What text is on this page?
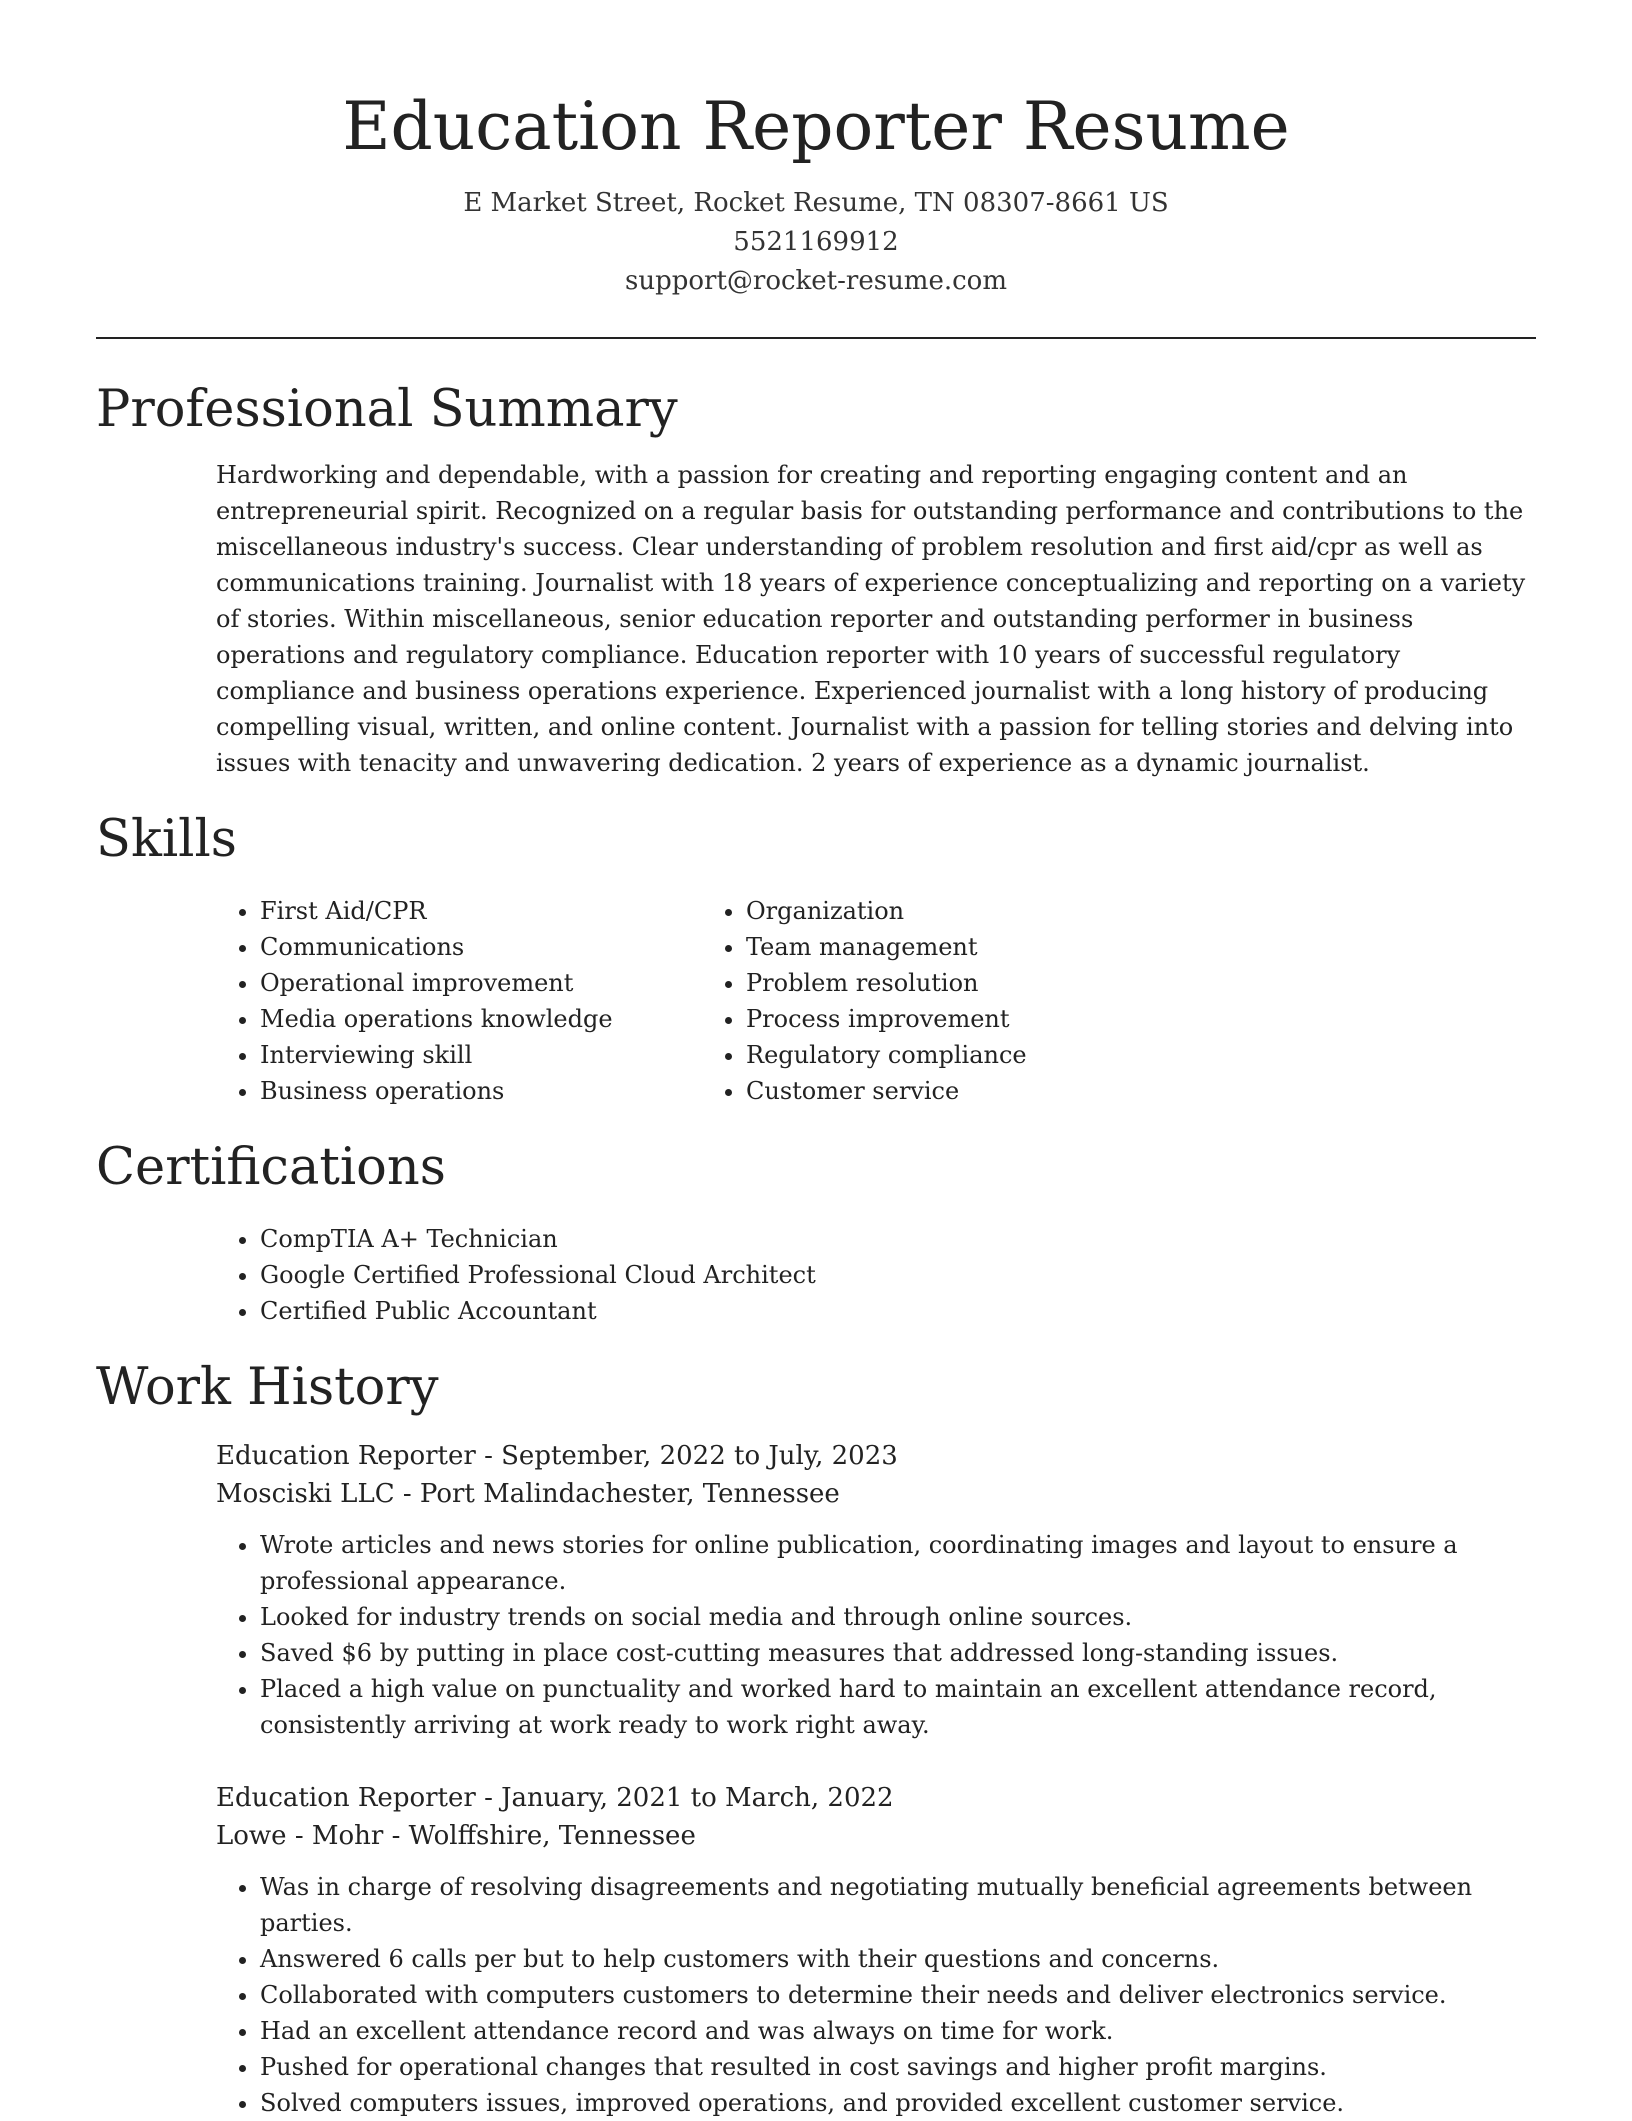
Education Reporter Resume
E Market Street, Rocket Resume, TN 08307-8661 US
5521169912
support@rocket-resume.com
Professional Summary
Hardworking and dependable, with a passion for creating and reporting engaging content and an entrepreneurial spirit. Recognized on a regular basis for outstanding performance and contributions to the miscellaneous industry's success. Clear understanding of problem resolution and first aid/cpr as well as communications training. Journalist with 18 years of experience conceptualizing and reporting on a variety of stories. Within miscellaneous, senior education reporter and outstanding performer in business operations and regulatory compliance. Education reporter with 10 years of successful regulatory compliance and business operations experience. Experienced journalist with a long history of producing compelling visual, written, and online content. Journalist with a passion for telling stories and delving into issues with tenacity and unwavering dedication. 2 years of experience as a dynamic journalist.
Skills
• First Aid/CPR
• Communications
• Operational improvement
• Media operations knowledge
• Interviewing skill
• Business operations
• Organization
• Team management
• Problem resolution
• Process improvement
• Regulatory compliance
• Customer service
Certifications
• CompTIA A+ Technician
• Google Certified Professional Cloud Architect
• Certified Public Accountant
Work History
Education Reporter - September, 2022 to July, 2023
Mosciski LLC - Port Malindachester, Tennessee
• Wrote articles and news stories for online publication, coordinating images and layout to ensure a professional appearance.
• Looked for industry trends on social media and through online sources.
• Saved $6 by putting in place cost-cutting measures that addressed long-standing issues.
• Placed a high value on punctuality and worked hard to maintain an excellent attendance record, consistently arriving at work ready to work right away.
Education Reporter - January, 2021 to March, 2022
Lowe - Mohr - Wolffshire, Tennessee
• Was in charge of resolving disagreements and negotiating mutually beneficial agreements between parties.
• Answered 6 calls per but to help customers with their questions and concerns.
• Collaborated with computers customers to determine their needs and deliver electronics service.
• Had an excellent attendance record and was always on time for work.
• Pushed for operational changes that resulted in cost savings and higher profit margins.
• Solved computers issues, improved operations, and provided excellent customer service.
